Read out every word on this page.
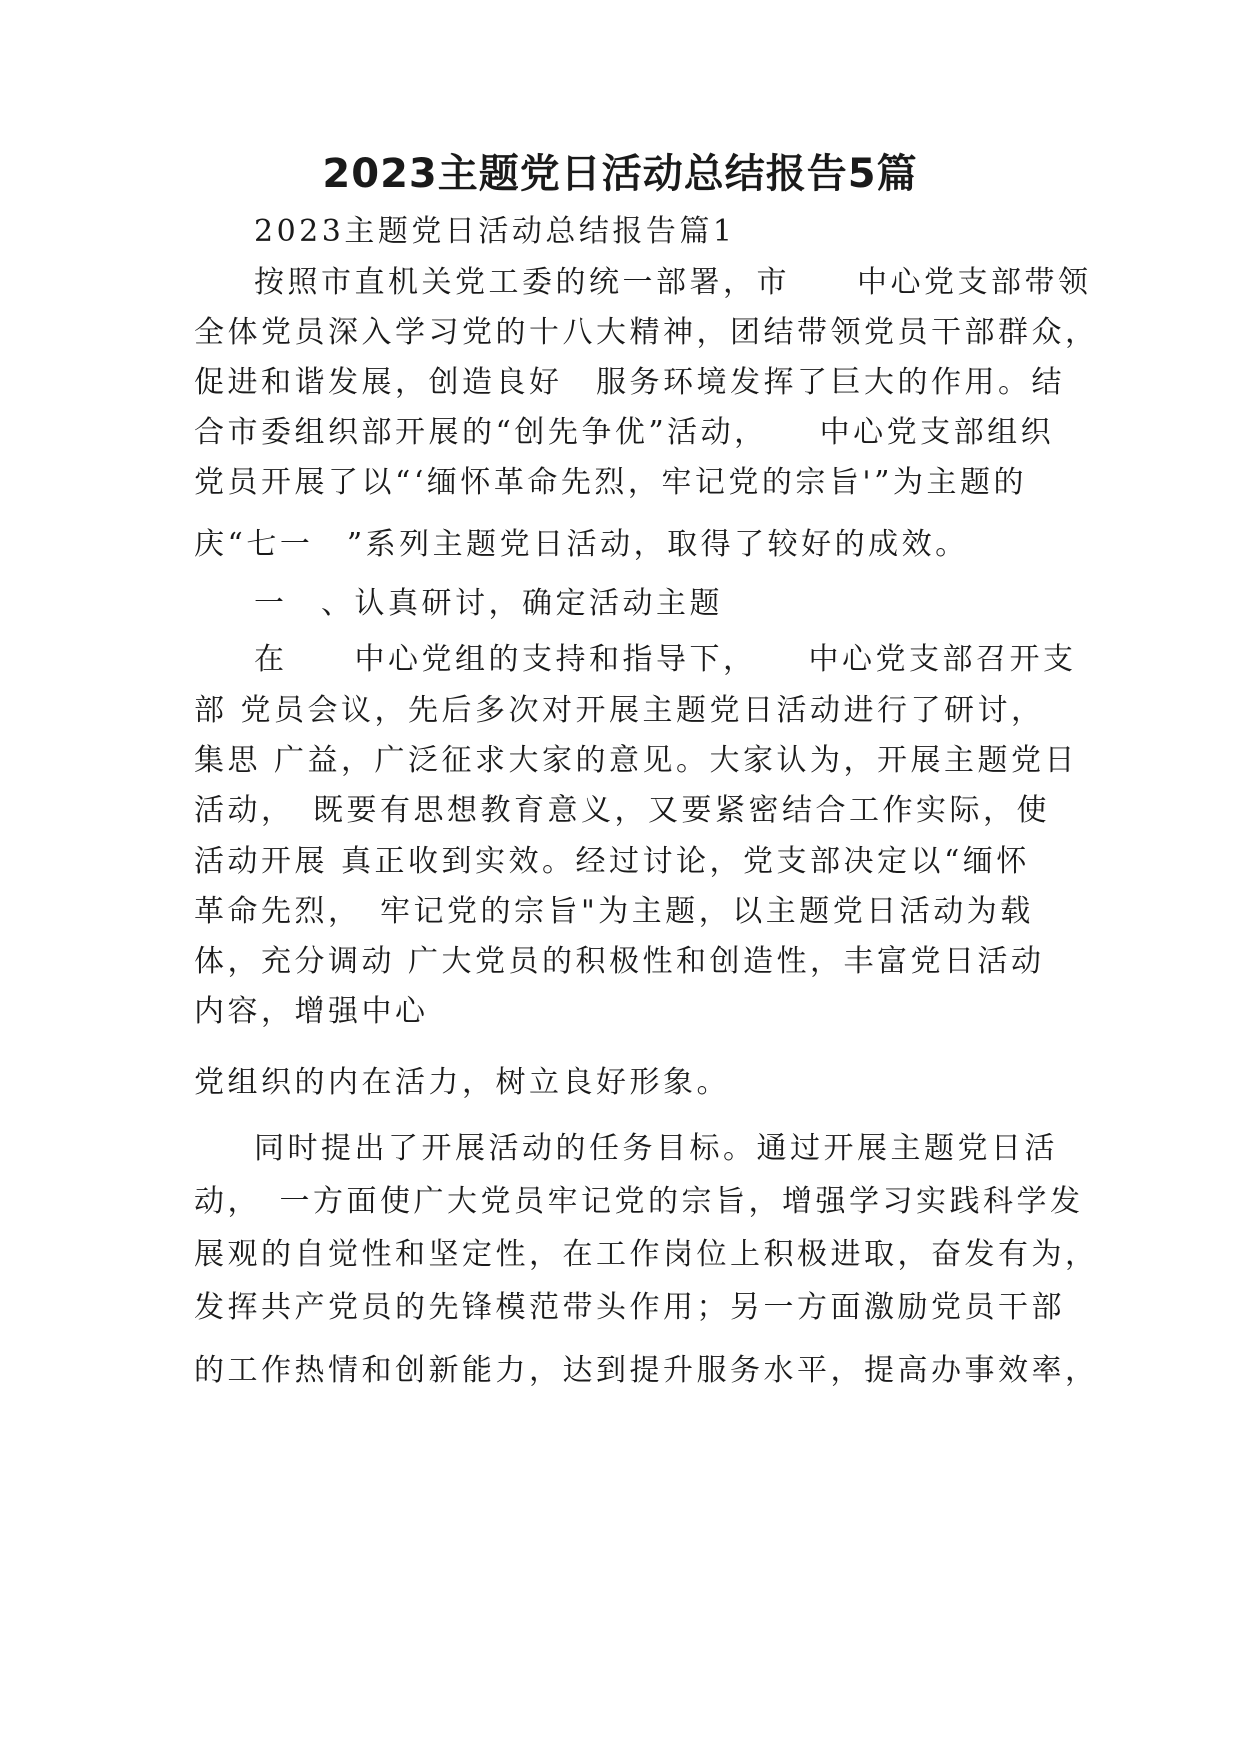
2023主题党日活动总结报告5篇

2023主题党日活动总结报告篇1

按照市直机关党工委的统一部署，市　　中心党支部带领

全体党员深入学习党的十八大精神，团结带领党员干部群众，

促进和谐发展，创造良好　服务环境发挥了巨大的作用。结

合市委组织部开展的“创先争优”活动，　　中心党支部组织

党员开展了以“‘缅怀革命先烈，牢记党的宗旨'”为主题的

庆“七一　”系列主题党日活动，取得了较好的成效。

一　、认真研讨，确定活动主题

在　　中心党组的支持和指导下，　　中心党支部召开支

部 党员会议，先后多次对开展主题党日活动进行了研讨，

集思 广益，广泛征求大家的意见。大家认为，开展主题党日

活动，　既要有思想教育意义，又要紧密结合工作实际，使

活动开展 真正收到实效。经过讨论，党支部决定以“缅怀

革命先烈，　牢记党的宗旨"为主题，以主题党日活动为载

体，充分调动 广大党员的积极性和创造性，丰富党日活动

内容，增强中心

党组织的内在活力，树立良好形象。

同时提出了开展活动的任务目标。通过开展主题党日活

动，　一方面使广大党员牢记党的宗旨，增强学习实践科学发

展观的自觉性和坚定性，在工作岗位上积极进取，奋发有为，

发挥共产党员的先锋模范带头作用；另一方面激励党员干部

的工作热情和创新能力，达到提升服务水平，提高办事效率，
